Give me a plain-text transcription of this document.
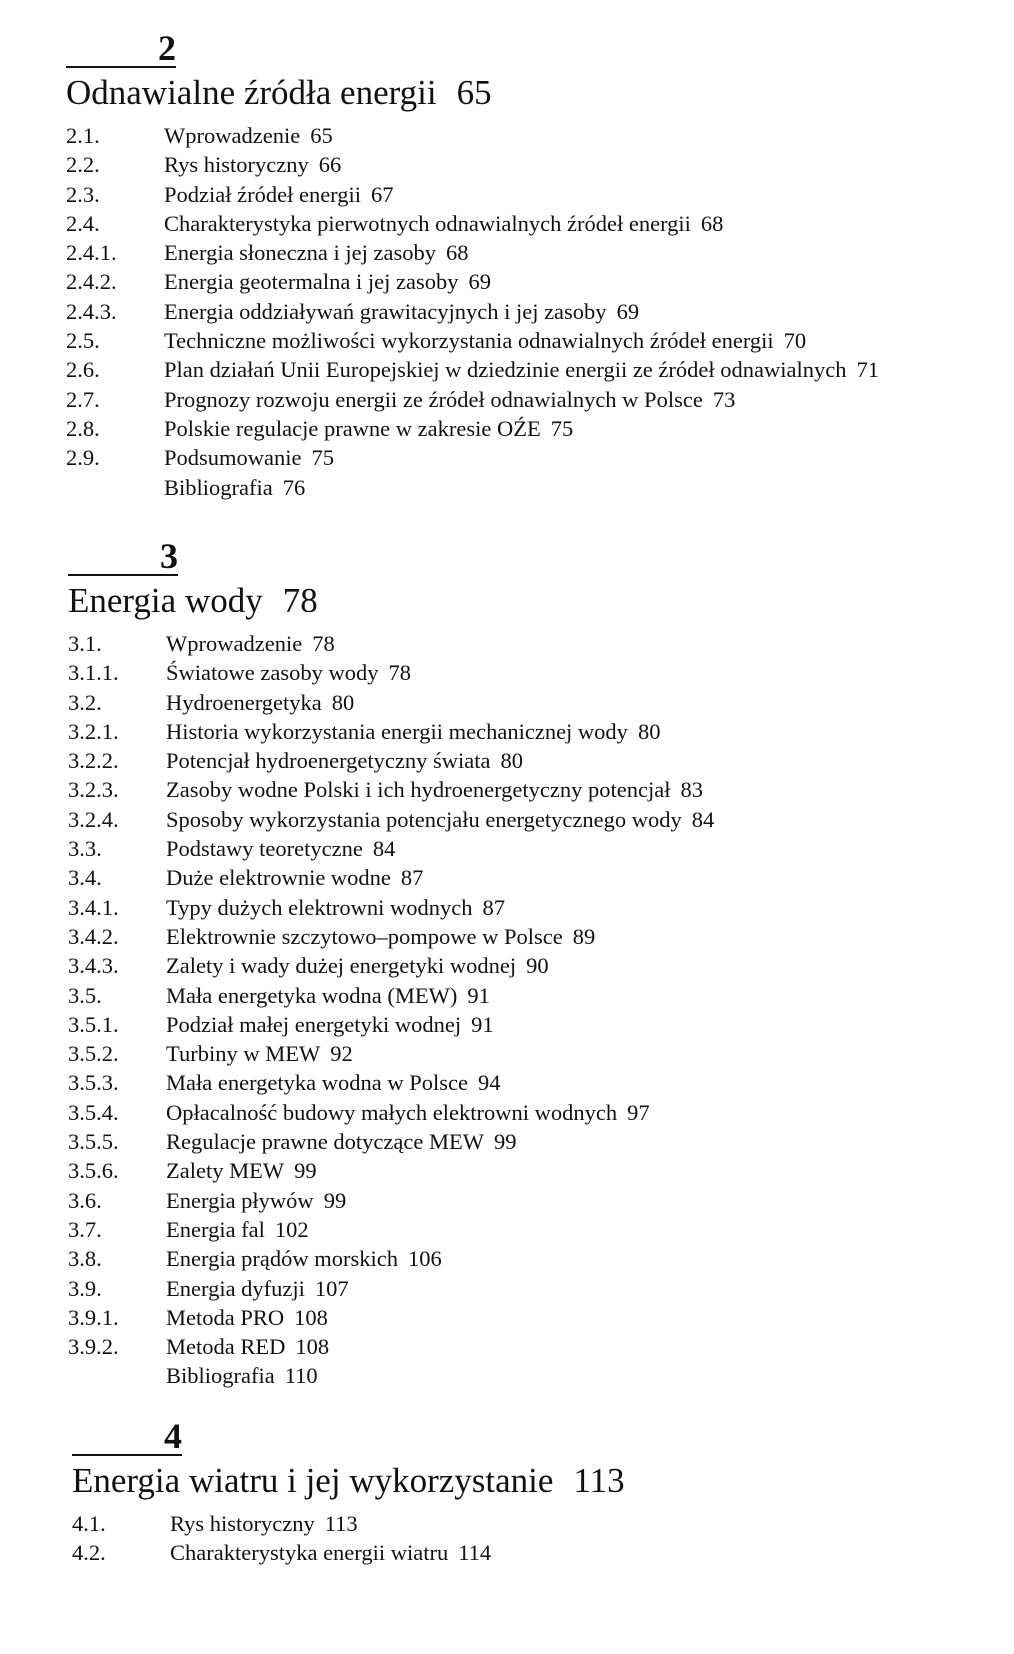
2
Odnawialne źródła energii 65
2.1.	Wprowadzenie 65
2.2.	Rys historyczny 66
2.3.	Podział źródeł energii 67
2.4.	Charakterystyka pierwotnych odnawialnych źródeł energii 68
2.4.1. Energia słoneczna i jej zasoby 68
2.4.2. Energia geotermalna i jej zasoby 69
2.4.3. Energia oddziaływań grawitacyjnych i jej zasoby 69
2.5.	Techniczne możliwości wykorzystania odnawialnych źródeł energii 70
2.6.	Plan działań Unii Europejskiej w dziedzinie energii ze źródeł odnawialnych 71
2.7.	Prognozy rozwoju energii ze źródeł odnawialnych w Polsce 73
2.8.	Polskie regulacje prawne w zakresie OŹE 75
2.9.	Podsumowanie 75
Bibliografia 76
3
Energia wody 78
3.1.	Wprowadzenie 78
3.1.1. Światowe zasoby wody 78
3.2.	Hydroenergetyka 80
3.2.1. Historia wykorzystania energii mechanicznej wody 80
3.2.2. Potencjał hydroenergetyczny świata 80
3.2.3. Zasoby wodne Polski i ich hydroenergetyczny potencjał 83
3.2.4. Sposoby wykorzystania potencjału energetycznego wody 84
3.3.	Podstawy teoretyczne 84
3.4.	Duże elektrownie wodne 87
3.4.1. Typy dużych elektrowni wodnych 87
3.4.2. Elektrownie szczytowo–pompowe w Polsce 89
3.4.3. Zalety i wady dużej energetyki wodnej 90
3.5.	Mała energetyka wodna (MEW) 91
3.5.1. Podział małej energetyki wodnej 91
3.5.2. Turbiny w MEW 92
3.5.3. Mała energetyka wodna w Polsce 94
3.5.4. Opłacalność budowy małych elektrowni wodnych 97
3.5.5. Regulacje prawne dotyczące MEW 99
3.5.6. Zalety MEW 99
3.6.	Energia pływów 99
3.7.	Energia fal 102
3.8.	Energia prądów morskich 106
3.9.	Energia dyfuzji 107
3.9.1. Metoda PRO 108
3.9.2. Metoda RED 108
Bibliografia 110
4
Energia wiatru i jej wykorzystanie 113
4.1.	Rys historyczny 113
4.2.	Charakterystyka energii wiatru 114
